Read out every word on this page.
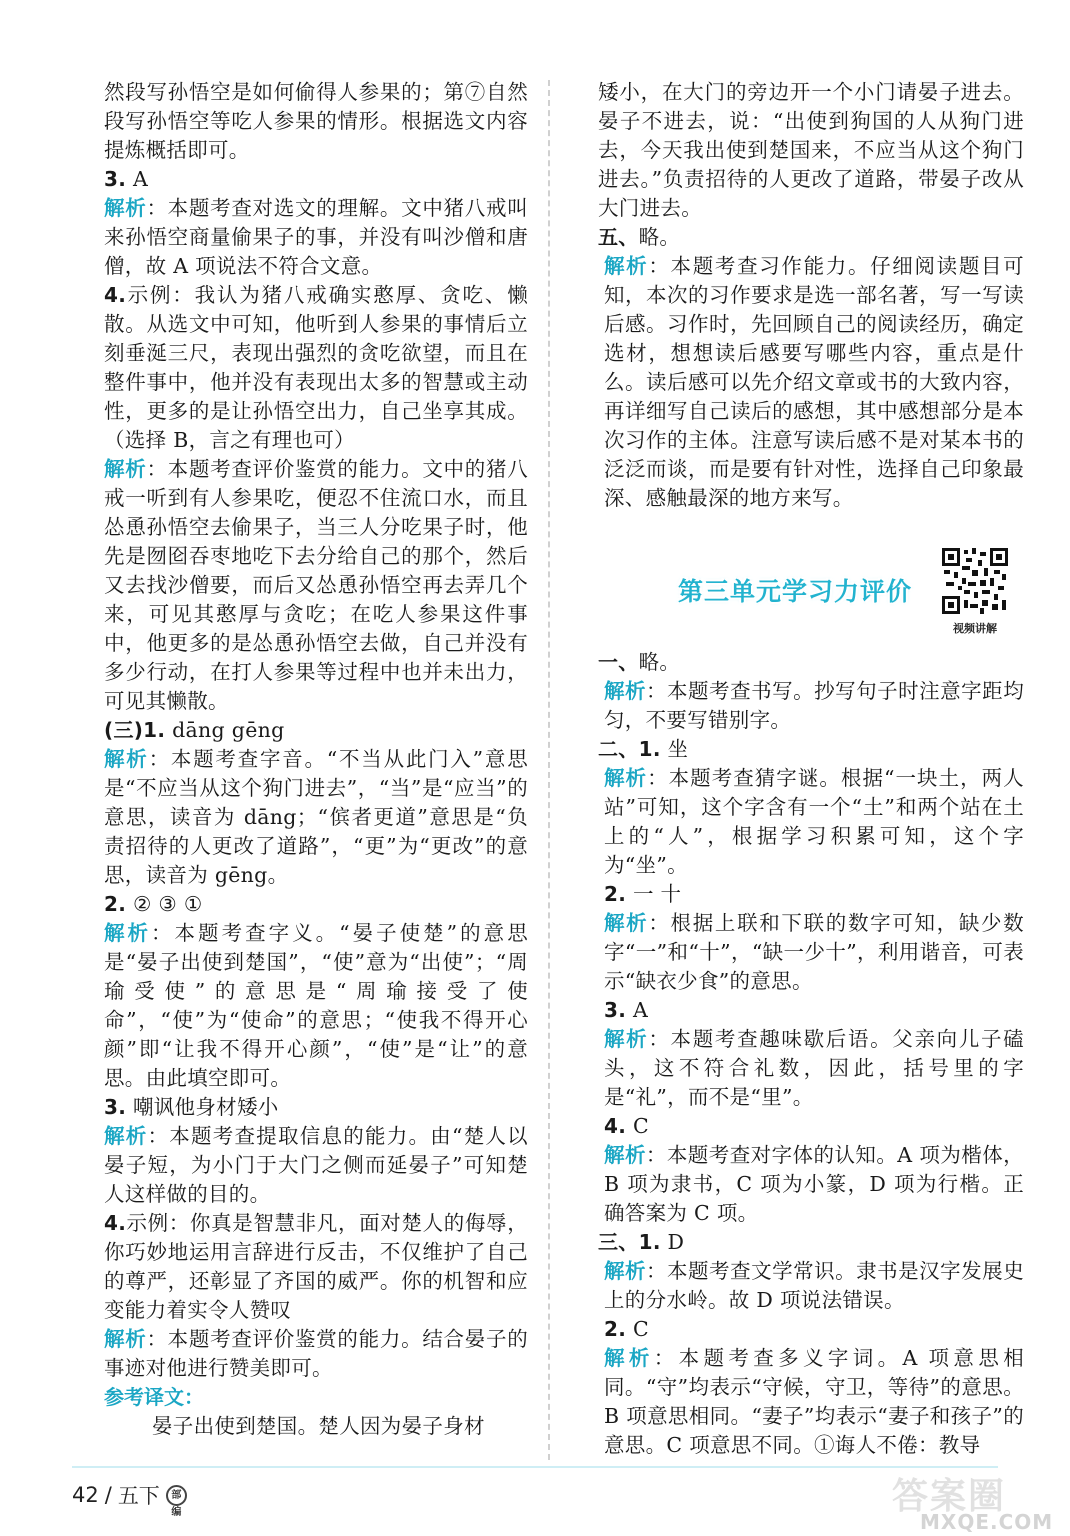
然段写孙悟空是如何偷得人参果的；第⑦自然段写孙悟空等吃人参果的情形。根据选文内容提炼概括即可。

3. A

解析：本题考查对选文的理解。文中猪八戒叫来孙悟空商量偷果子的事，并没有叫沙僧和唐僧，故 A 项说法不符合文意。

4.示例：我认为猪八戒确实憨厚、贪吃、懒散。从选文中可知，他听到人参果的事情后立刻垂涎三尺，表现出强烈的贪吃欲望，而且在整件事中，他并没有表现出太多的智慧或主动性，更多的是让孙悟空出力，自己坐享其成。（选择 B，言之有理也可）

解析：本题考查评价鉴赏的能力。文中的猪八戒一听到有人参果吃，便忍不住流口水，而且怂恿孙悟空去偷果子，当三人分吃果子时，他先是囫囵吞枣地吃下去分给自己的那个，然后又去找沙僧要，而后又怂恿孙悟空再去弄几个来，可见其憨厚与贪吃；在吃人参果这件事中，他更多的是怂恿孙悟空去做，自己并没有多少行动，在打人参果等过程中也并未出力，可见其懒散。

(三)1. dāng gēng

解析：本题考查字音。“不当从此门入”意思是“不应当从这个狗门进去”，“当”是“应当”的意思，读音为 dāng；“傧者更道”意思是“负责招待的人更改了道路”，“更”为“更改”的意思，读音为 gēng。

2. ② ③ ①

解析：本题考查字义。“晏子使楚”的意思是“晏子出使到楚国”，“使”意为“出使”；“周瑜受使”的意思是“周瑜接受了使命”，“使”为“使命”的意思；“使我不得开心颜”即“让我不得开心颜”，“使”是“让”的意思。由此填空即可。

3. 嘲讽他身材矮小

解析：本题考查提取信息的能力。由“楚人以晏子短，为小门于大门之侧而延晏子”可知楚人这样做的目的。

4.示例：你真是智慧非凡，面对楚人的侮辱，你巧妙地运用言辞进行反击，不仅维护了自己的尊严，还彰显了齐国的威严。你的机智和应变能力着实令人赞叹

解析：本题考查评价鉴赏的能力。结合晏子的事迹对他进行赞美即可。

参考译文：

晏子出使到楚国。楚人因为晏子身材

矮小，在大门的旁边开一个小门请晏子进去。晏子不进去，说：“出使到狗国的人从狗门进去，今天我出使到楚国来，不应当从这个狗门进去。”负责招待的人更改了道路，带晏子改从大门进去。

五、略。

解析：本题考查习作能力。仔细阅读题目可知，本次的习作要求是选一部名著，写一写读后感。习作时，先回顾自己的阅读经历，确定选材，想想读后感要写哪些内容，重点是什么。读后感可以先介绍文章或书的大致内容，再详细写自己读后的感想，其中感想部分是本次习作的主体。注意写读后感不是对某本书的泛泛而谈，而是要有针对性，选择自己印象最深、感触最深的地方来写。

第三单元学习力评价
视频讲解

一、略。

解析：本题考查书写。抄写句子时注意字距均匀，不要写错别字。

二、1. 坐

解析：本题考查猜字谜。根据“一块土，两人站”可知，这个字含有一个“土”和两个站在土上的“人”，根据学习积累可知，这个字为“坐”。

2. 一 十

解析：根据上联和下联的数字可知，缺少数字“一”和“十”，“缺一少十”，利用谐音，可表示“缺衣少食”的意思。

3. A

解析：本题考查趣味歇后语。父亲向儿子磕头，这不符合礼数，因此，括号里的字是“礼”，而不是“里”。

4. C

解析：本题考查对字体的认知。A 项为楷体，B 项为隶书，C 项为小篆，D 项为行楷。正确答案为 C 项。

三、1. D

解析：本题考查文学常识。隶书是汉字发展史上的分水岭。故 D 项说法错误。

2. C

解析：本题考查多义字词。A 项意思相同。“守”均表示“守候，守卫，等待”的意思。B 项意思相同。“妻子”均表示“妻子和孩子”的意思。C 项意思不同。①诲人不倦：教导

42 / 五下	部编	答案圈
MXQE.COM
